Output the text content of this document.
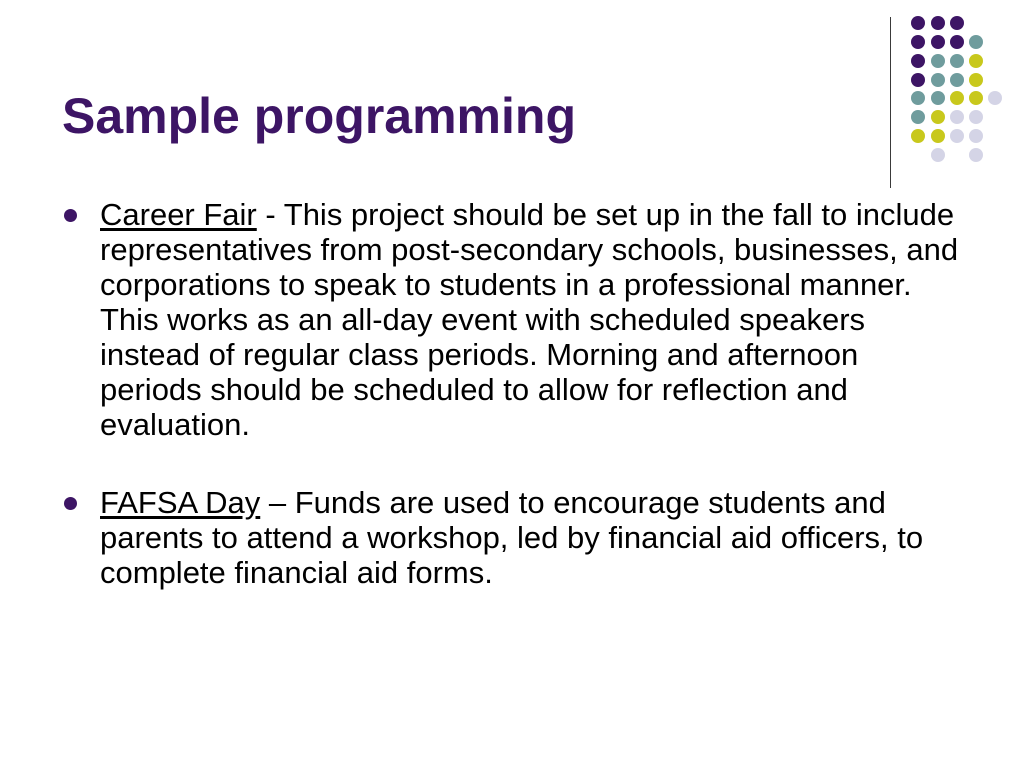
Sample programming
Career Fair - This project should be set up in the fall to include representatives from post-secondary schools, businesses, and corporations to speak to students in a professional manner. This works as an all-day event with scheduled speakers instead of regular class periods. Morning and afternoon periods should be scheduled to allow for reflection and evaluation.
FAFSA Day – Funds are used to encourage students and parents to attend a workshop, led by financial aid officers, to complete financial aid forms.
